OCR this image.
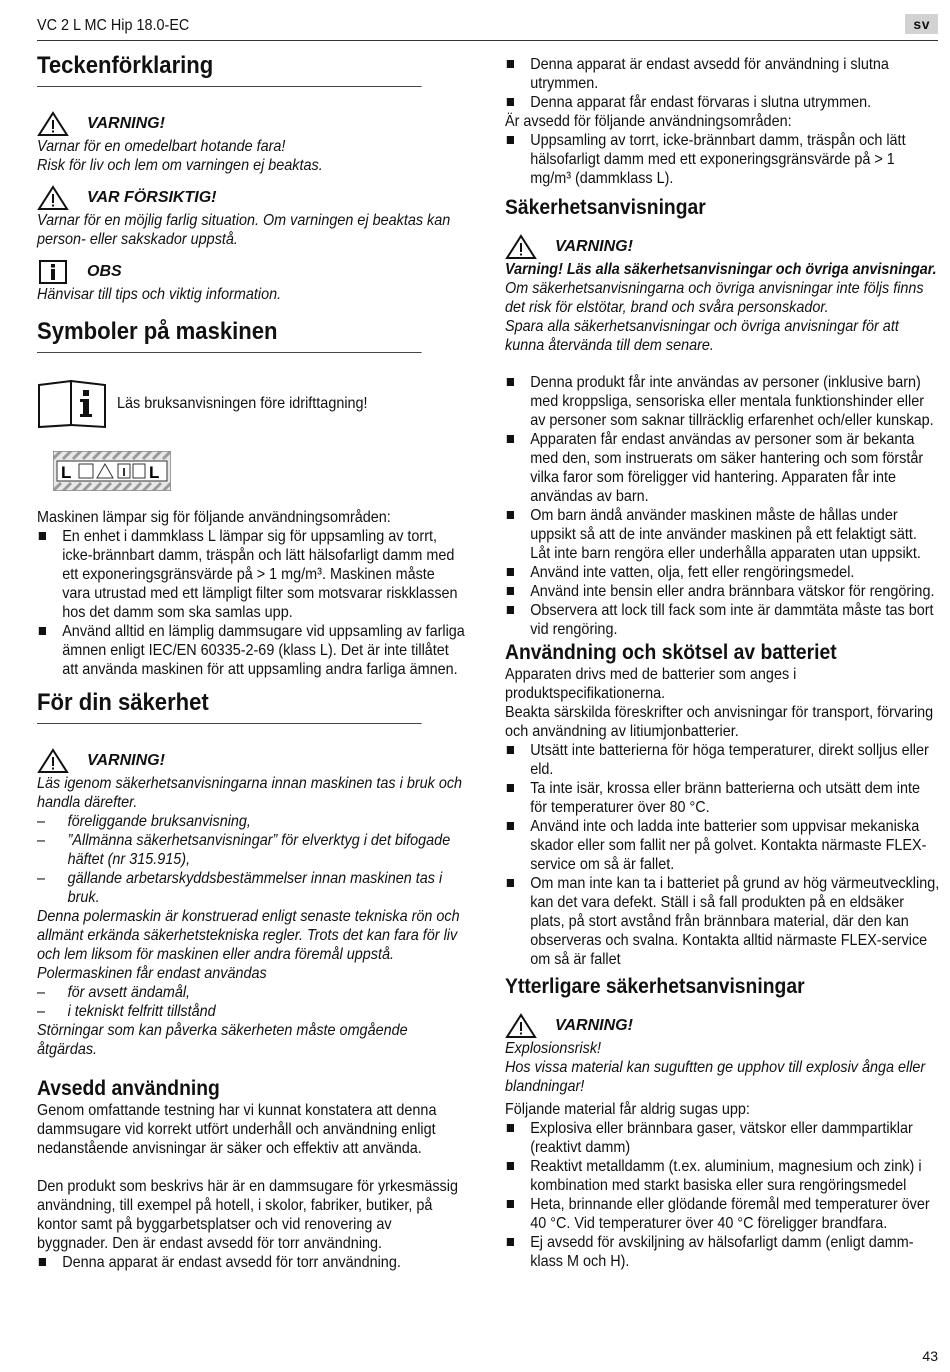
VC 2 L MC Hip 18.0-EC	sv
Teckenförklaring
VARNING!
Varnar för en omedelbart hotande fara!
Risk för liv och lem om varningen ej beaktas.
VAR FÖRSIKTIG!
Varnar för en möjlig farlig situation. Om varningen ej beaktas kan person- eller sakskador uppstå.
OBS
Hänvisar till tips och viktig information.
Symboler på maskinen
Läs bruksanvisningen före idrifttagning!
L	L
Maskinen lämpar sig för följande användningsområden:
En enhet i dammklass L lämpar sig för uppsamling av torrt, icke-brännbart damm, träspån och lätt hälsofarligt damm med ett exponeringsgränsvärde på > 1 mg/m³. Maskinen måste vara utrustad med ett lämpligt filter som motsvarar riskklassen hos det damm som ska samlas upp.
Använd alltid en lämplig dammsugare vid uppsamling av farliga ämnen enligt IEC/EN 60335-2-69 (klass L). Det är inte tillåtet att använda maskinen för att uppsamling andra farliga ämnen.
För din säkerhet
VARNING!
Läs igenom säkerhetsanvisningarna innan maskinen tas i bruk och handla därefter.
– föreliggande bruksanvisning,
– ”Allmänna säkerhetsanvisningar” för elverktyg i det bifogade häftet (nr 315.915),
– gällande arbetarskyddsbestämmelser innan maskinen tas i bruk.
Denna polermaskin är konstruerad enligt senaste tekniska rön och allmänt erkända säkerhetstekniska regler. Trots det kan fara för liv och lem liksom för maskinen eller andra föremål uppstå. Polermaskinen får endast användas
– för avsett ändamål,
– i tekniskt felfritt tillstånd
Störningar som kan påverka säkerheten måste omgående åtgärdas.
Avsedd användning
Genom omfattande testning har vi kunnat konstatera att denna dammsugare vid korrekt utfört underhåll och användning enligt nedanstående anvisningar är säker och effektiv att använda.
Den produkt som beskrivs här är en dammsugare för yrkesmässig användning, till exempel på hotell, i skolor, fabriker, butiker, på kontor samt på byggarbetsplatser och vid renovering av byggnader. Den är endast avsedd för torr användning.
Denna apparat är endast avsedd för torr användning.
Denna apparat är endast avsedd för användning i slutna utrymmen.
Denna apparat får endast förvaras i slutna utrymmen.
Är avsedd för följande användningsområden:
Uppsamling av torrt, icke-brännbart damm, träspån och lätt hälsofarligt damm med ett exponeringsgränsvärde på > 1 mg/m³ (dammklass L).
Säkerhetsanvisningar
VARNING!
Varning! Läs alla säkerhetsanvisningar och övriga anvisningar. Om säkerhetsanvisningarna och övriga anvisningar inte följs finns det risk för elstötar, brand och svåra personskador.
Spara alla säkerhetsanvisningar och övriga anvisningar för att kunna återvända till dem senare.
Denna produkt får inte användas av personer (inklusive barn) med kroppsliga, sensoriska eller mentala funktionshinder eller av personer som saknar tillräcklig erfarenhet och/eller kunskap.
Apparaten får endast användas av personer som är bekanta med den, som instruerats om säker hantering och som förstår vilka faror som föreligger vid hantering. Apparaten får inte användas av barn.
Om barn ändå använder maskinen måste de hållas under uppsikt så att de inte använder maskinen på ett felaktigt sätt. Låt inte barn rengöra eller underhålla apparaten utan uppsikt.
Använd inte vatten, olja, fett eller rengöringsmedel.
Använd inte bensin eller andra brännbara vätskor för rengöring.
Observera att lock till fack som inte är dammtäta måste tas bort vid rengöring.
Användning och skötsel av batteriet
Apparaten drivs med de batterier som anges i produktspecifikationerna.
Beakta särskilda föreskrifter och anvisningar för transport, förvaring och användning av litiumjonbatterier.
Utsätt inte batterierna för höga temperaturer, direkt solljus eller eld.
Ta inte isär, krossa eller bränn batterierna och utsätt dem inte för temperaturer över 80 °C.
Använd inte och ladda inte batterier som uppvisar mekaniska skador eller som fallit ner på golvet. Kontakta närmaste FLEX-service om så är fallet.
Om man inte kan ta i batteriet på grund av hög värmeutveckling, kan det vara defekt. Ställ i så fall produkten på en eldsäker plats, på stort avstånd från brännbara material, där den kan observeras och svalna. Kontakta alltid närmaste FLEX-service om så är fallet
Ytterligare säkerhetsanvisningar
VARNING!
Explosionsrisk!
Hos vissa material kan suguftten ge upphov till explosiv ånga eller blandningar!
Följande material får aldrig sugas upp:
Explosiva eller brännbara gaser, vätskor eller dammpartiklar (reaktivt damm)
Reaktivt metalldamm (t.ex. aluminium, magnesium och zink) i kombination med starkt basiska eller sura rengöringsmedel
Heta, brinnande eller glödande föremål med temperaturer över 40 °C. Vid temperaturer över 40 °C föreligger brandfara.
Ej avsedd för avskiljning av hälsofarligt damm (enligt damm-klass M och H).
43
